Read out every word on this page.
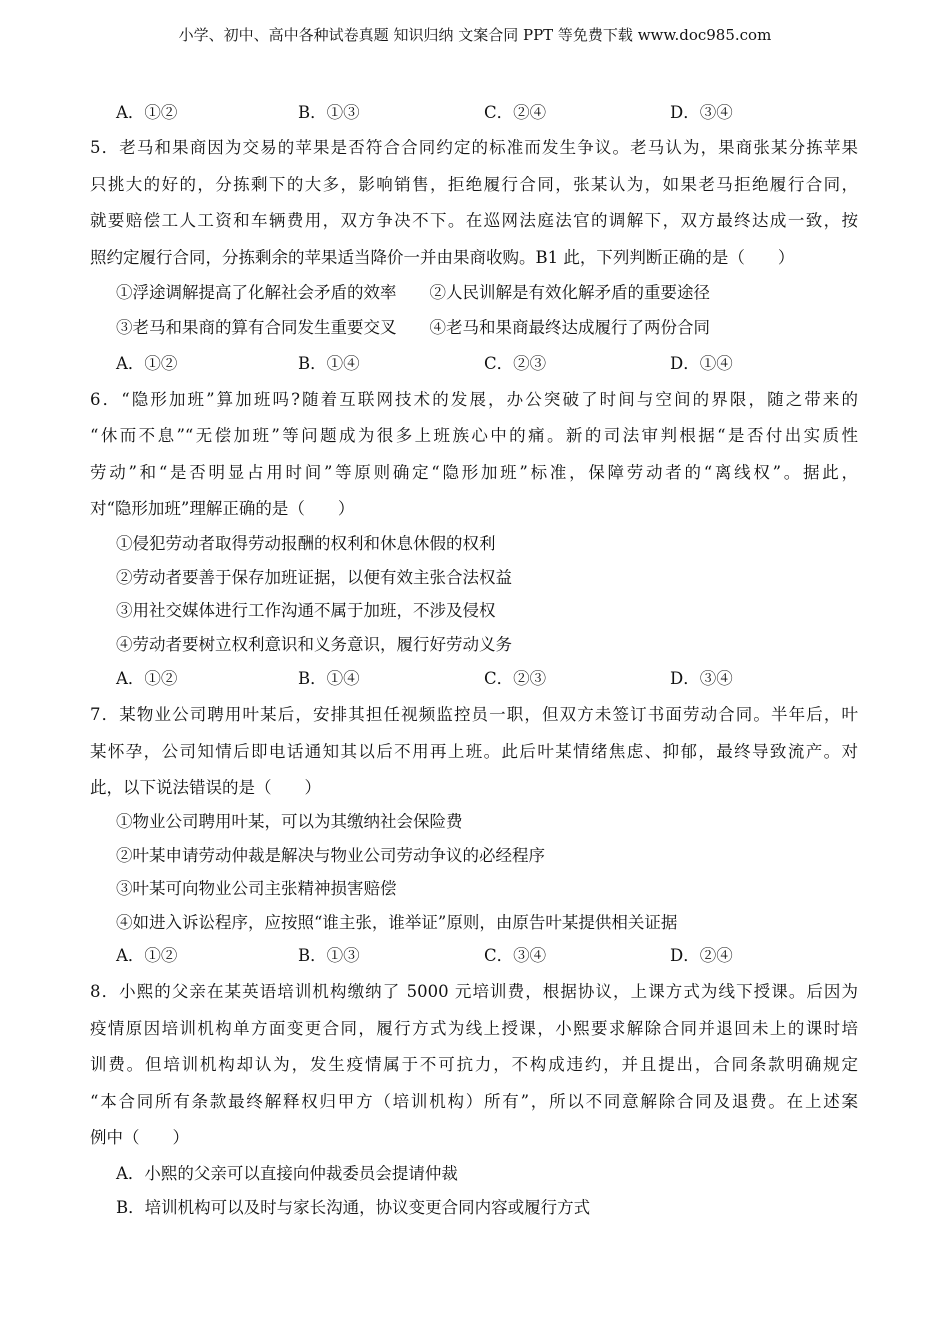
小学、初中、高中各种试卷真题 知识归纳 文案合同 PPT 等免费下载 www.doc985.com
A．①②	B．①③	C．②④	D．③④
5．老马和果商因为交易的苹果是否符合合同约定的标准而发生争议。老马认为，果商张某分拣苹果
只挑大的好的，分拣剩下的大多，影响销售，拒绝履行合同，张某认为，如果老马拒绝履行合同，
就要赔偿工人工资和车辆费用，双方争决不下。在巡网法庭法官的调解下，双方最终达成一致，按
照约定履行合同，分拣剩余的苹果适当降价一并由果商收购。B1 此，下列判断正确的是（　　）
①浮途调解提高了化解社会矛盾的效率　　②人民训解是有效化解矛盾的重要途径
③老马和果商的算有合同发生重要交叉　　④老马和果商最终达成履行了两份合同
A．①②	B．①④	C．②③	D．①④
6．“隐形加班”算加班吗?随着互联网技术的发展，办公突破了时间与空间的界限，随之带来的
“休而不息”“无偿加班”等问题成为很多上班族心中的痛。新的司法审判根据“是否付出实质性
劳动”和“是否明显占用时间”等原则确定“隐形加班”标准，保障劳动者的“离线权”。据此，
对“隐形加班”理解正确的是（　　）
①侵犯劳动者取得劳动报酬的权利和休息休假的权利
②劳动者要善于保存加班证据，以便有效主张合法权益
③用社交媒体进行工作沟通不属于加班，不涉及侵权
④劳动者要树立权利意识和义务意识，履行好劳动义务
A．①②	B．①④	C．②③	D．③④
7．某物业公司聘用叶某后，安排其担任视频监控员一职，但双方未签订书面劳动合同。半年后，叶
某怀孕，公司知情后即电话通知其以后不用再上班。此后叶某情绪焦虑、抑郁，最终导致流产。对
此，以下说法错误的是（　　）
①物业公司聘用叶某，可以为其缴纳社会保险费
②叶某申请劳动仲裁是解决与物业公司劳动争议的必经程序
③叶某可向物业公司主张精神损害赔偿
④如进入诉讼程序，应按照“谁主张，谁举证”原则，由原告叶某提供相关证据
A．①②	B．①③	C．③④	D．②④
8．小熙的父亲在某英语培训机构缴纳了 5000 元培训费，根据协议，上课方式为线下授课。后因为
疫情原因培训机构单方面变更合同，履行方式为线上授课，小熙要求解除合同并退回未上的课时培
训费。但培训机构却认为，发生疫情属于不可抗力，不构成违约，并且提出，合同条款明确规定
“本合同所有条款最终解释权归甲方（培训机构）所有”，所以不同意解除合同及退费。在上述案
例中（　　）
A．小熙的父亲可以直接向仲裁委员会提请仲裁
B．培训机构可以及时与家长沟通，协议变更合同内容或履行方式
